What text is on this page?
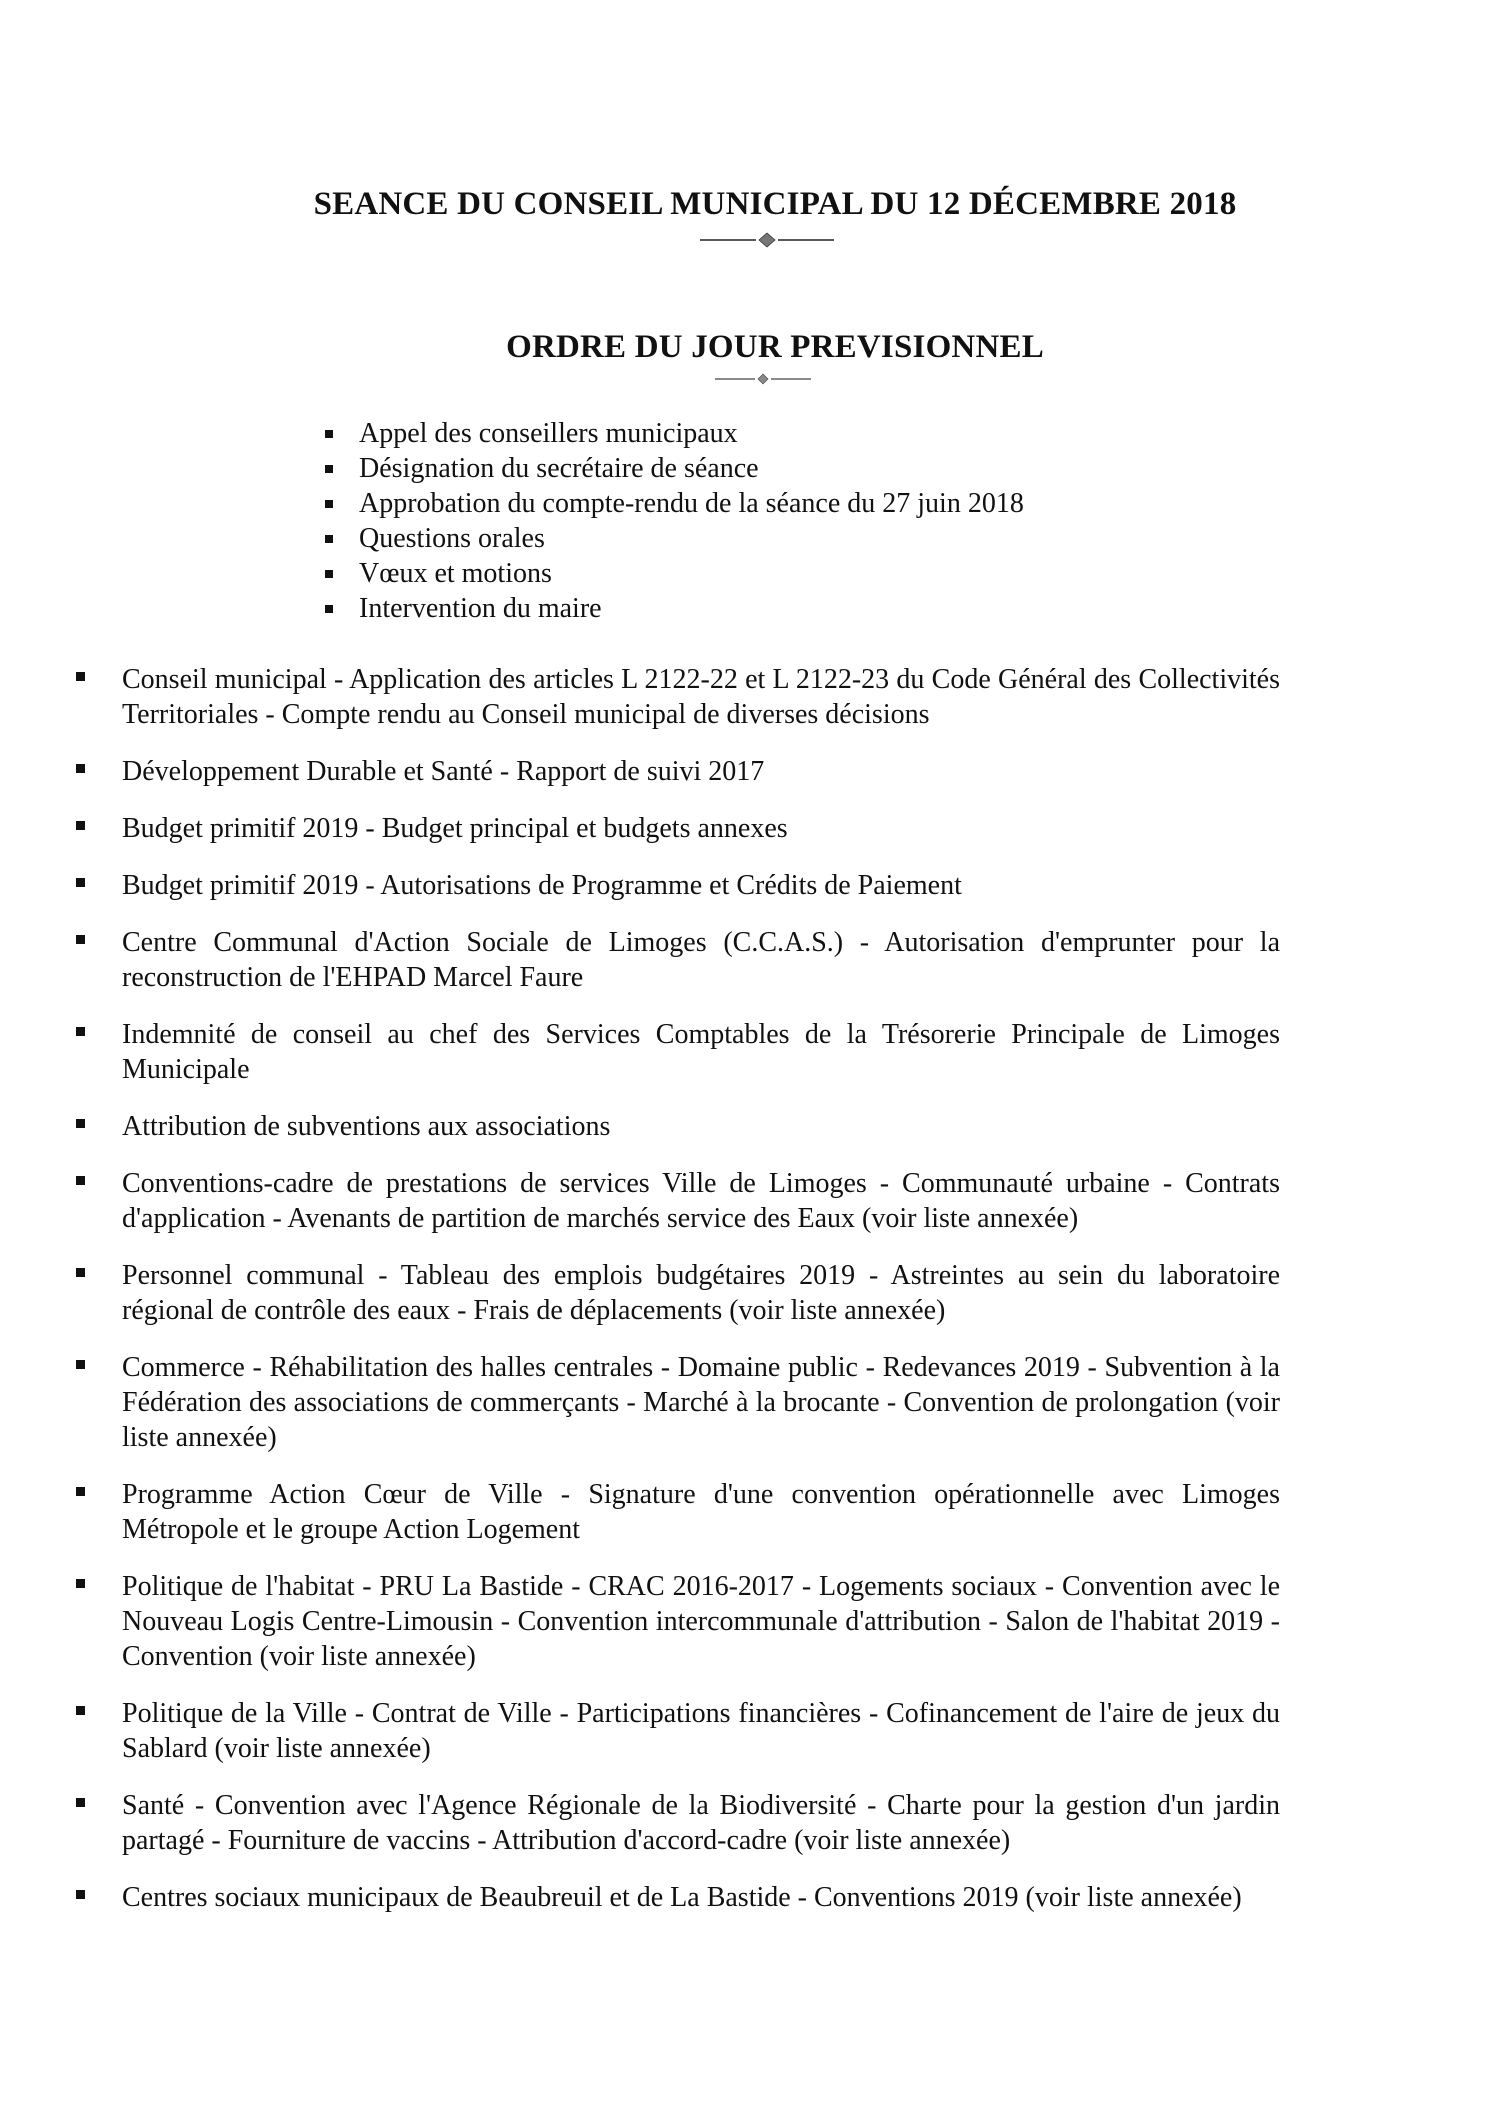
SEANCE DU CONSEIL MUNICIPAL DU 12 DÉCEMBRE 2018
ORDRE DU JOUR PREVISIONNEL
Appel des conseillers municipaux
Désignation du secrétaire de séance
Approbation du compte-rendu de la séance du 27 juin 2018
Questions orales
Vœux et motions
Intervention du maire
Conseil municipal - Application des articles L 2122-22 et L 2122-23 du Code Général des Collectivités Territoriales - Compte rendu au Conseil municipal de diverses décisions
Développement Durable et Santé - Rapport de suivi 2017
Budget primitif 2019 - Budget principal et budgets annexes
Budget primitif 2019 - Autorisations de Programme et Crédits de Paiement
Centre Communal d'Action Sociale de Limoges (C.C.A.S.) - Autorisation d'emprunter pour la reconstruction de l'EHPAD Marcel Faure
Indemnité de conseil au chef des Services Comptables de la Trésorerie Principale de Limoges Municipale
Attribution de subventions aux associations
Conventions-cadre de prestations de services Ville de Limoges - Communauté urbaine - Contrats d'application - Avenants de partition de marchés service des Eaux (voir liste annexée)
Personnel communal - Tableau des emplois budgétaires 2019 - Astreintes au sein du laboratoire régional de contrôle des eaux - Frais de déplacements (voir liste annexée)
Commerce - Réhabilitation des halles centrales - Domaine public - Redevances 2019 - Subvention à la Fédération des associations de commerçants - Marché à la brocante - Convention de prolongation (voir liste annexée)
Programme Action Cœur de Ville - Signature d'une convention opérationnelle avec Limoges Métropole et le groupe Action Logement
Politique de l'habitat - PRU La Bastide - CRAC 2016-2017 - Logements sociaux - Convention avec le Nouveau Logis Centre-Limousin - Convention intercommunale d'attribution - Salon de l'habitat 2019 - Convention (voir liste annexée)
Politique de la Ville - Contrat de Ville - Participations financières - Cofinancement de l'aire de jeux du Sablard (voir liste annexée)
Santé - Convention avec l'Agence Régionale de la Biodiversité - Charte pour la gestion d'un jardin partagé - Fourniture de vaccins - Attribution d'accord-cadre (voir liste annexée)
Centres sociaux municipaux de Beaubreuil et de La Bastide - Conventions 2019 (voir liste annexée)
